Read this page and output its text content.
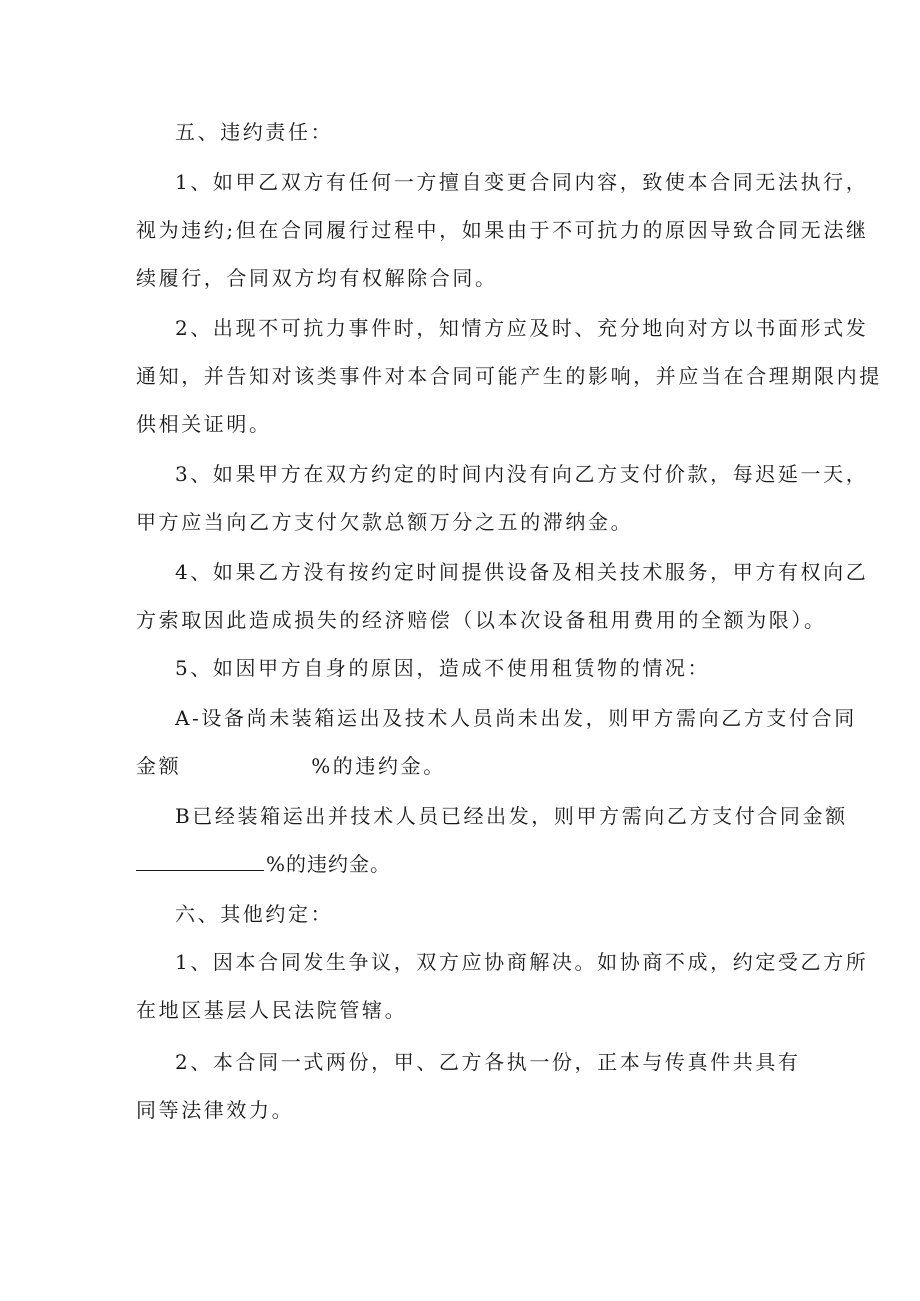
五、违约责任：
1、如甲乙双方有任何一方擅自变更合同内容，致使本合同无法执行，
视为违约;但在合同履行过程中，如果由于不可抗力的原因导致合同无法继
续履行，合同双方均有权解除合同。
2、出现不可抗力事件时，知情方应及时、充分地向对方以书面形式发
通知，并告知对该类事件对本合同可能产生的影响，并应当在合理期限内提
供相关证明。
3、如果甲方在双方约定的时间内没有向乙方支付价款，每迟延一天，
甲方应当向乙方支付欠款总额万分之五的滞纳金。
4、如果乙方没有按约定时间提供设备及相关技术服务，甲方有权向乙
方索取因此造成损失的经济赔偿（以本次设备租用费用的全额为限）。
5、如因甲方自身的原因，造成不使用租赁物的情况：
A-设备尚未装箱运出及技术人员尚未出发，则甲方需向乙方支付合同
金额	%的违约金。
B已经装箱运出并技术人员已经出发，则甲方需向乙方支付合同金额
%的违约金。
六、其他约定：
1、因本合同发生争议，双方应协商解决。如协商不成，约定受乙方所
在地区基层人民法院管辖。
2、本合同一式两份，甲、乙方各执一份，正本与传真件共具有
同等法律效力。
